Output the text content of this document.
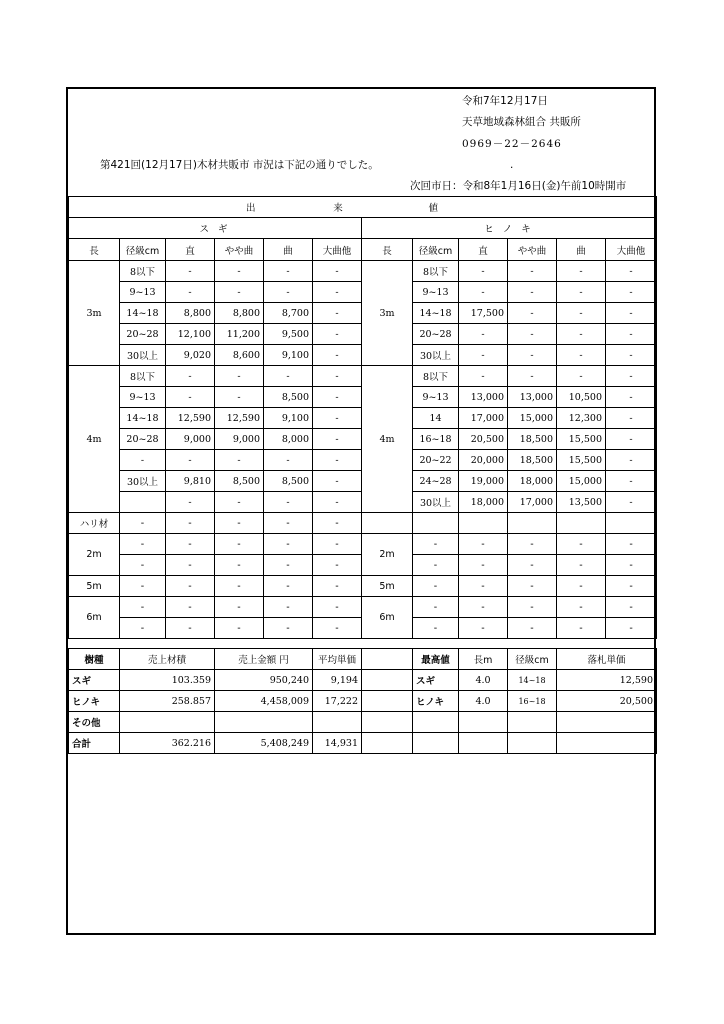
令和7年12月17日
天草地域森林組合 共販所
0969－22－2646
第421回(12月17日)木材共販市 市況は下記の通りでした。	.
次回市日：令和8年1月16日(金)午前10時開市
出				来			値				
ス ギ						ヒ ノ キ					
長	径級cm	直	やや曲	曲	大曲他	長	径級cm	直	やや曲	曲	大曲他
3m	8以下	-	-	-	-	3m	8以下	-	-	-	-
	9~13	-	-	-	-		9~13	-	-	-	-
	14~18	8,800	8,800	8,700	-		14~18	17,500	-	-	-
	20~28	12,100	11,200	9,500	-		20~28	-	-	-	-
	30以上	9,020	8,600	9,100	-		30以上	-	-	-	-
4m	8以下	-	-	-	-	4m	8以下	-	-	-	-
	9~13	-	-	8,500	-		9~13	13,000	13,000	10,500	-
	14~18	12,590	12,590	9,100	-		14	17,000	15,000	12,300	-
	20~28	9,000	9,000	8,000	-		16~18	20,500	18,500	15,500	-
	-	-	-	-	-		20~22	20,000	18,500	15,500	-
	30以上	9,810	8,500	8,500	-		24~28	19,000	18,000	15,000	-
		-	-	-	-		30以上	18,000	17,000	13,500	-
ハリ材	-	-	-	-	-						
2m	-	-	-	-	-	2m	-	-	-	-	-
	-	-	-	-	-		-	-	-	-	-
5m	-	-	-	-	-	5m	-	-	-	-	-
6m	-	-	-	-	-	6m	-	-	-	-	-
	-	-	-	-	-		-	-	-	-	-
樹種	売上材積	売上金額 円	平均単価		最高値	長m	径級cm	落札単価
スギ	103.359	950,240	9,194		スギ	4.0	14~18	12,590
ヒノキ	258.857	4,458,009	17,222		ヒノキ	4.0	16~18	20,500
その他								
合計	362.216	5,408,249	14,931					
